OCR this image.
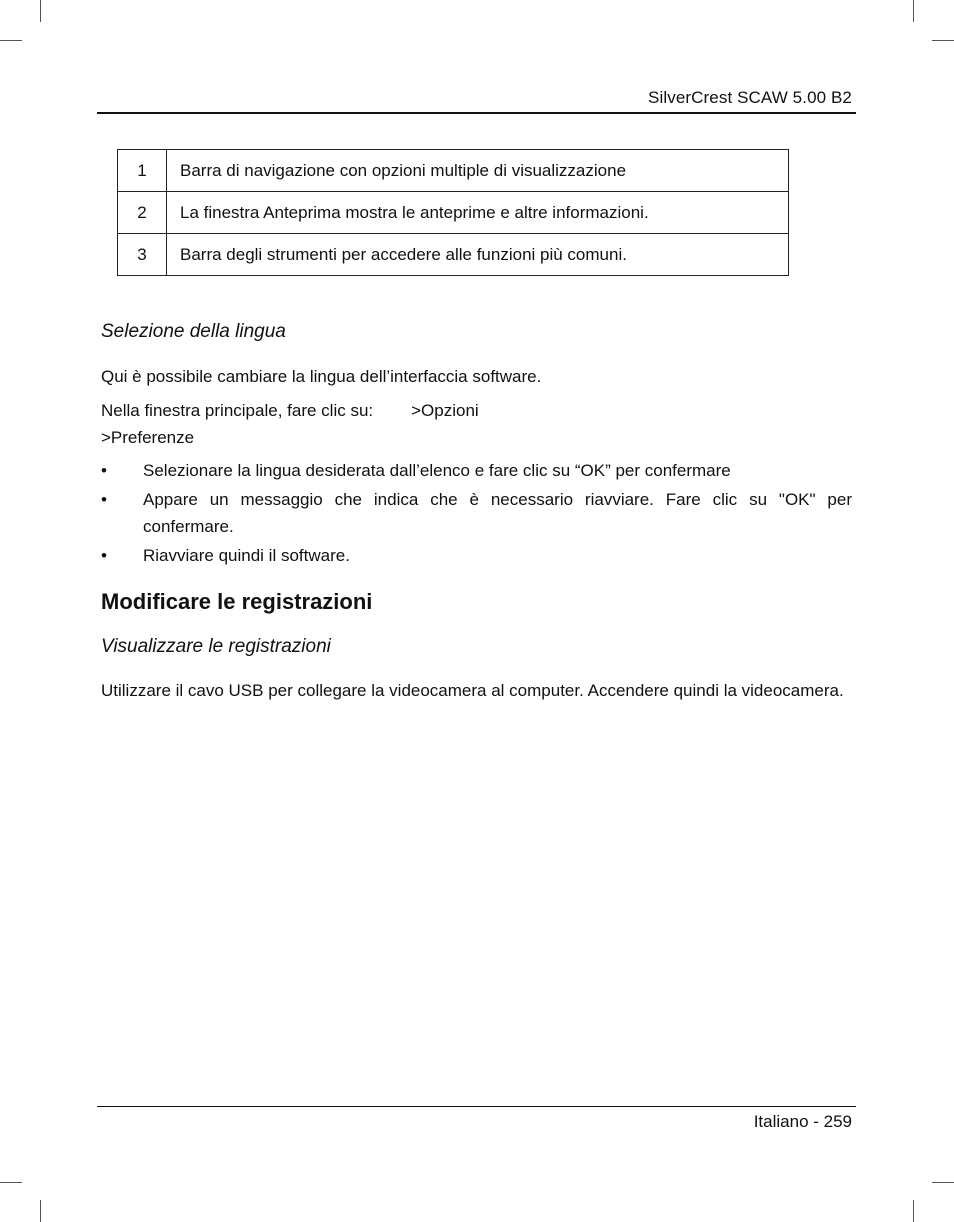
SilverCrest SCAW 5.00 B2
1	Barra di navigazione con opzioni multiple di visualizzazione
2	La finestra Anteprima mostra le anteprime e altre informazioni.
3	Barra degli strumenti per accedere alle funzioni più comuni.
Selezione della lingua
Qui è possibile cambiare la lingua dell’interfaccia software.
Nella finestra principale, fare clic su: >Opzioni
>Preferenze
• Selezionare la lingua desiderata dall’elenco e fare clic su “OK” per confermare
• Appare un messaggio che indica che è necessario riavviare. Fare clic su "OK" per confermare.
• Riavviare quindi il software.
Modificare le registrazioni
Visualizzare le registrazioni
Utilizzare il cavo USB per collegare la videocamera al computer. Accendere quindi la videocamera.
Italiano - 259
